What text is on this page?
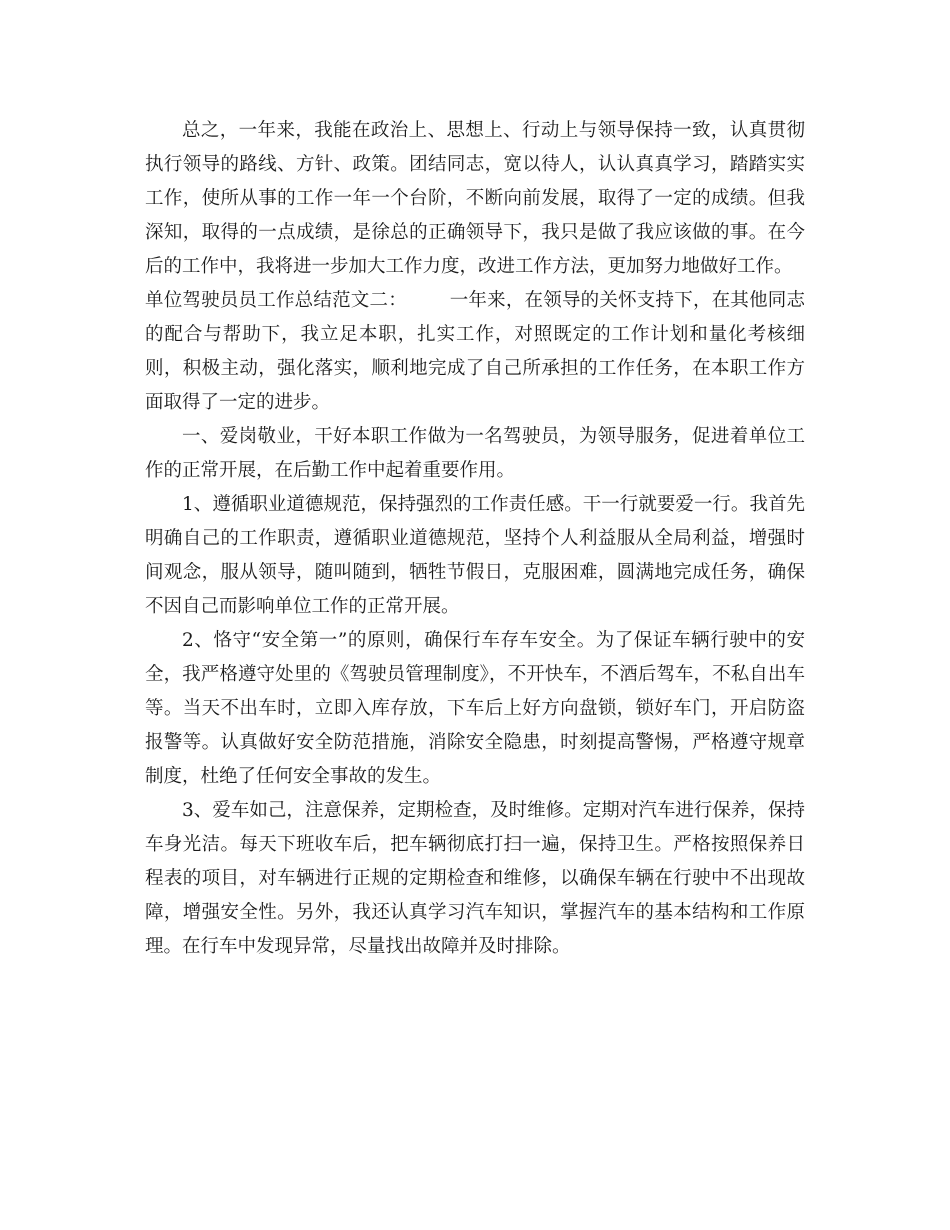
总之，一年来，我能在政治上、思想上、行动上与领导保持一致，认真贯彻执行领导的路线、方针、政策。团结同志，宽以待人，认认真真学习，踏踏实实工作，使所从事的工作一年一个台阶，不断向前发展，取得了一定的成绩。但我深知，取得的一点成绩，是徐总的正确领导下，我只是做了我应该做的事。在今后的工作中，我将进一步加大工作力度，改进工作方法，更加努力地做好工作。

单位驾驶员员工作总结范文二： 一年来，在领导的关怀支持下，在其他同志的配合与帮助下，我立足本职，扎实工作，对照既定的工作计划和量化考核细则，积极主动，强化落实，顺利地完成了自己所承担的工作任务，在本职工作方面取得了一定的进步。

一、爱岗敬业，干好本职工作做为一名驾驶员，为领导服务，促进着单位工作的正常开展，在后勤工作中起着重要作用。

1、遵循职业道德规范，保持强烈的工作责任感。干一行就要爱一行。我首先明确自己的工作职责，遵循职业道德规范，坚持个人利益服从全局利益，增强时间观念，服从领导，随叫随到，牺牲节假日，克服困难，圆满地完成任务，确保不因自己而影响单位工作的正常开展。

2、恪守“安全第一”的原则，确保行车存车安全。为了保证车辆行驶中的安全，我严格遵守处里的《驾驶员管理制度》，不开快车，不酒后驾车，不私自出车等。当天不出车时，立即入库存放，下车后上好方向盘锁，锁好车门，开启防盗报警等。认真做好安全防范措施，消除安全隐患，时刻提高警惕，严格遵守规章制度，杜绝了任何安全事故的发生。

3、爱车如己，注意保养，定期检查，及时维修。定期对汽车进行保养，保持车身光洁。每天下班收车后，把车辆彻底打扫一遍，保持卫生。严格按照保养日程表的项目，对车辆进行正规的定期检查和维修，以确保车辆在行驶中不出现故障，增强安全性。另外，我还认真学习汽车知识，掌握汽车的基本结构和工作原理。在行车中发现异常，尽量找出故障并及时排除。
